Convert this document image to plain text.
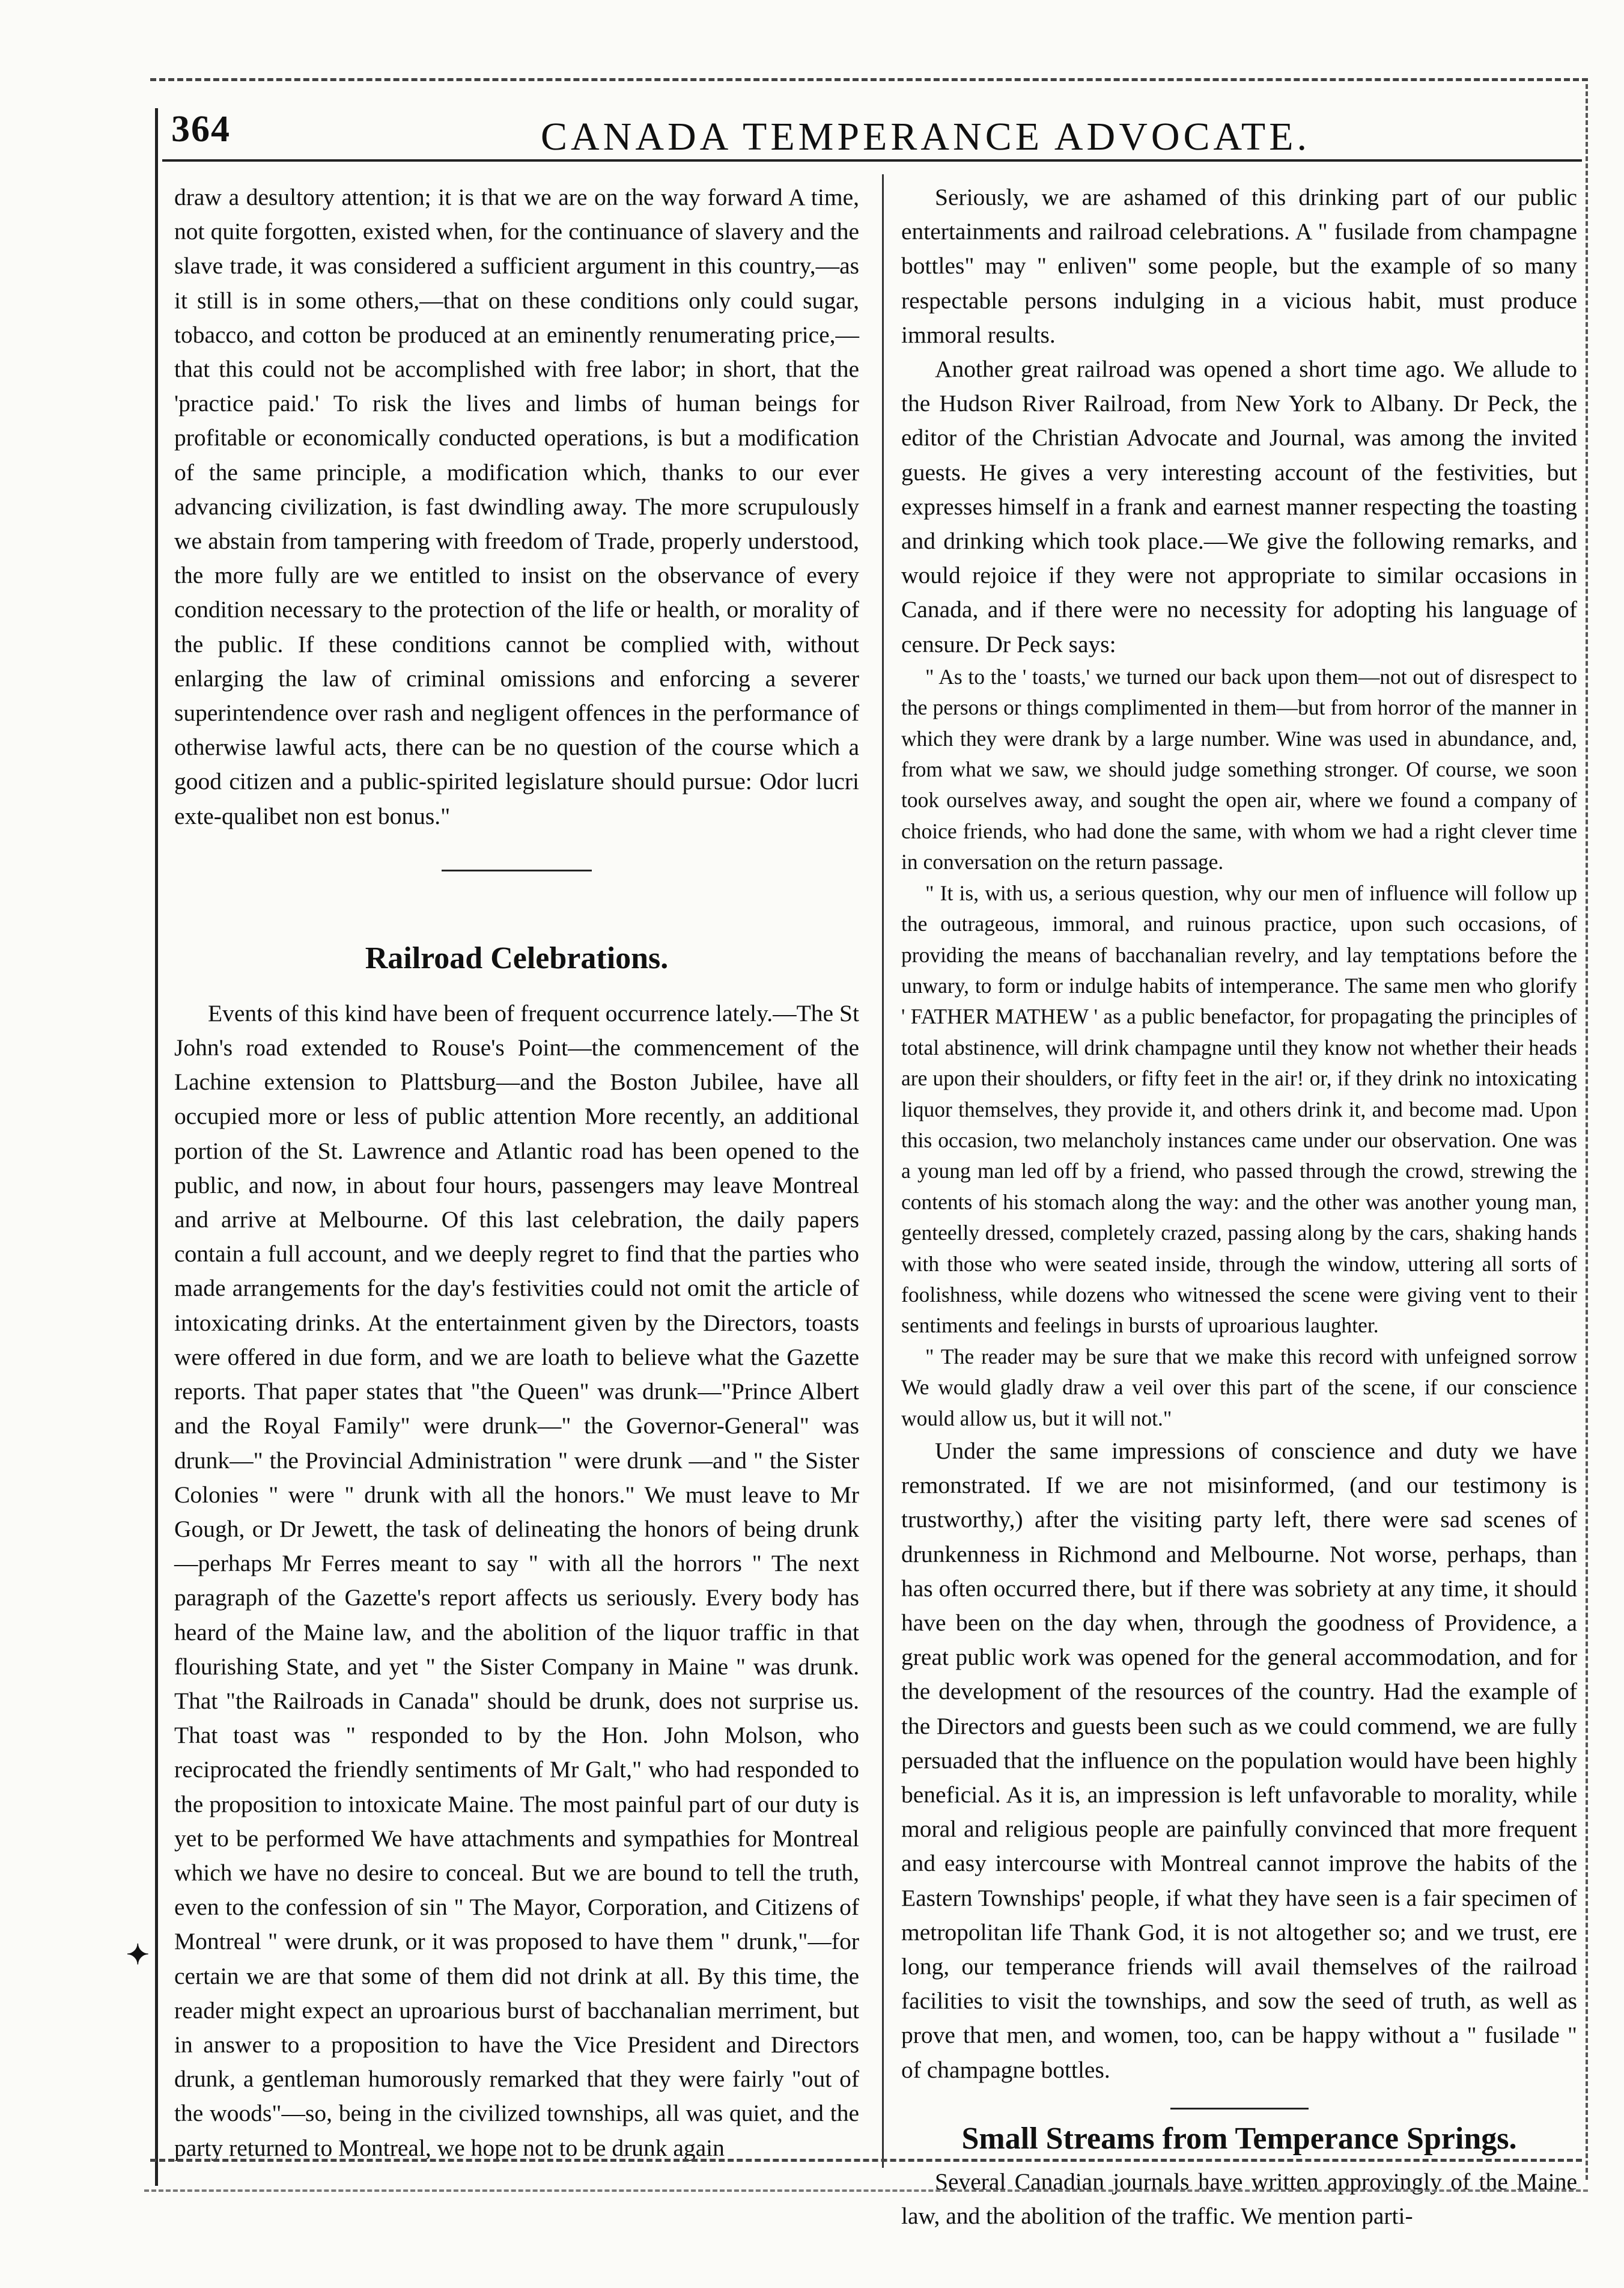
364	CANADA TEMPERANCE ADVOCATE.

draw a desultory attention; it is that we are on the way forward A time, not quite forgotten, existed when, for the continuance of slavery and the slave trade, it was considered a sufficient argument in this country,—as it still is in some others,—that on these conditions only could sugar, tobacco, and cotton be produced at an eminently renumerating price,—that this could not be accomplished with free labor; in short, that the 'practice paid.' To risk the lives and limbs of human beings for profitable or economically conducted operations, is but a modification of the same principle, a modification which, thanks to our ever advancing civilization, is fast dwindling away. The more scrupulously we abstain from tampering with freedom of Trade, properly understood, the more fully are we entitled to insist on the observance of every condition necessary to the protection of the life or health, or morality of the public. If these conditions cannot be complied with, without enlarging the law of criminal omissions and enforcing a severer superintendence over rash and negligent offences in the performance of otherwise lawful acts, there can be no question of the course which a good citizen and a public-spirited legislature should pursue: Odor lucri exte-qualibet non est bonus."

Railroad Celebrations.

Events of this kind have been of frequent occurrence lately.—The St John's road extended to Rouse's Point—the commencement of the Lachine extension to Plattsburg—and the Boston Jubilee, have all occupied more or less of public attention More recently, an additional portion of the St. Lawrence and Atlantic road has been opened to the public, and now, in about four hours, passengers may leave Montreal and arrive at Melbourne. Of this last celebration, the daily papers contain a full account, and we deeply regret to find that the parties who made arrangements for the day's festivities could not omit the article of intoxicating drinks. At the entertainment given by the Directors, toasts were offered in due form, and we are loath to believe what the Gazette reports. That paper states that "the Queen" was drunk—"Prince Albert and the Royal Family" were drunk—" the Governor-General" was drunk—" the Provincial Administration " were drunk —and " the Sister Colonies " were " drunk with all the honors." We must leave to Mr Gough, or Dr Jewett, the task of delineating the honors of being drunk—perhaps Mr Ferres meant to say " with all the horrors " The next paragraph of the Gazette's report affects us seriously. Every body has heard of the Maine law, and the abolition of the liquor traffic in that flourishing State, and yet " the Sister Company in Maine " was drunk. That "the Railroads in Canada" should be drunk, does not surprise us. That toast was " responded to by the Hon. John Molson, who reciprocated the friendly sentiments of Mr Galt," who had responded to the proposition to intoxicate Maine. The most painful part of our duty is yet to be performed We have attachments and sympathies for Montreal which we have no desire to conceal. But we are bound to tell the truth, even to the confession of sin " The Mayor, Corporation, and Citizens of Montreal " were drunk, or it was proposed to have them " drunk,"—for certain we are that some of them did not drink at all. By this time, the reader might expect an uproarious burst of bacchanalian merriment, but in answer to a proposition to have the Vice President and Directors drunk, a gentleman humorously remarked that they were fairly "out of the woods"—so, being in the civilized townships, all was quiet, and the party returned to Montreal, we hope not to be drunk again

Seriously, we are ashamed of this drinking part of our public entertainments and railroad celebrations. A " fusilade from champagne bottles" may " enliven" some people, but the example of so many respectable persons indulging in a vicious habit, must produce immoral results.

Another great railroad was opened a short time ago. We allude to the Hudson River Railroad, from New York to Albany. Dr Peck, the editor of the Christian Advocate and Journal, was among the invited guests. He gives a very interesting account of the festivities, but expresses himself in a frank and earnest manner respecting the toasting and drinking which took place.—We give the following remarks, and would rejoice if they were not appropriate to similar occasions in Canada, and if there were no necessity for adopting his language of censure. Dr Peck says:

" As to the ' toasts,' we turned our back upon them—not out of disrespect to the persons or things complimented in them—but from horror of the manner in which they were drank by a large number. Wine was used in abundance, and, from what we saw, we should judge something stronger. Of course, we soon took ourselves away, and sought the open air, where we found a company of choice friends, who had done the same, with whom we had a right clever time in conversation on the return passage.

" It is, with us, a serious question, why our men of influence will follow up the outrageous, immoral, and ruinous practice, upon such occasions, of providing the means of bacchanalian revelry, and lay temptations before the unwary, to form or indulge habits of intemperance. The same men who glorify ' FATHER MATHEW ' as a public benefactor, for propagating the principles of total abstinence, will drink champagne until they know not whether their heads are upon their shoulders, or fifty feet in the air! or, if they drink no intoxicating liquor themselves, they provide it, and others drink it, and become mad. Upon this occasion, two melancholy instances came under our observation. One was a young man led off by a friend, who passed through the crowd, strewing the contents of his stomach along the way: and the other was another young man, genteelly dressed, completely crazed, passing along by the cars, shaking hands with those who were seated inside, through the window, uttering all sorts of foolishness, while dozens who witnessed the scene were giving vent to their sentiments and feelings in bursts of uproarious laughter.

" The reader may be sure that we make this record with unfeigned sorrow We would gladly draw a veil over this part of the scene, if our conscience would allow us, but it will not."

Under the same impressions of conscience and duty we have remonstrated. If we are not misinformed, (and our testimony is trustworthy,) after the visiting party left, there were sad scenes of drunkenness in Richmond and Melbourne. Not worse, perhaps, than has often occurred there, but if there was sobriety at any time, it should have been on the day when, through the goodness of Providence, a great public work was opened for the general accommodation, and for the development of the resources of the country. Had the example of the Directors and guests been such as we could commend, we are fully persuaded that the influence on the population would have been highly beneficial. As it is, an impression is left unfavorable to morality, while moral and religious people are painfully convinced that more frequent and easy intercourse with Montreal cannot improve the habits of the Eastern Townships' people, if what they have seen is a fair specimen of metropolitan life Thank God, it is not altogether so; and we trust, ere long, our temperance friends will avail themselves of the railroad facilities to visit the townships, and sow the seed of truth, as well as prove that men, and women, too, can be happy without a " fusilade " of champagne bottles.

Small Streams from Temperance Springs.

Several Canadian journals have written approvingly of the Maine law, and the abolition of the traffic. We mention parti-

✦
